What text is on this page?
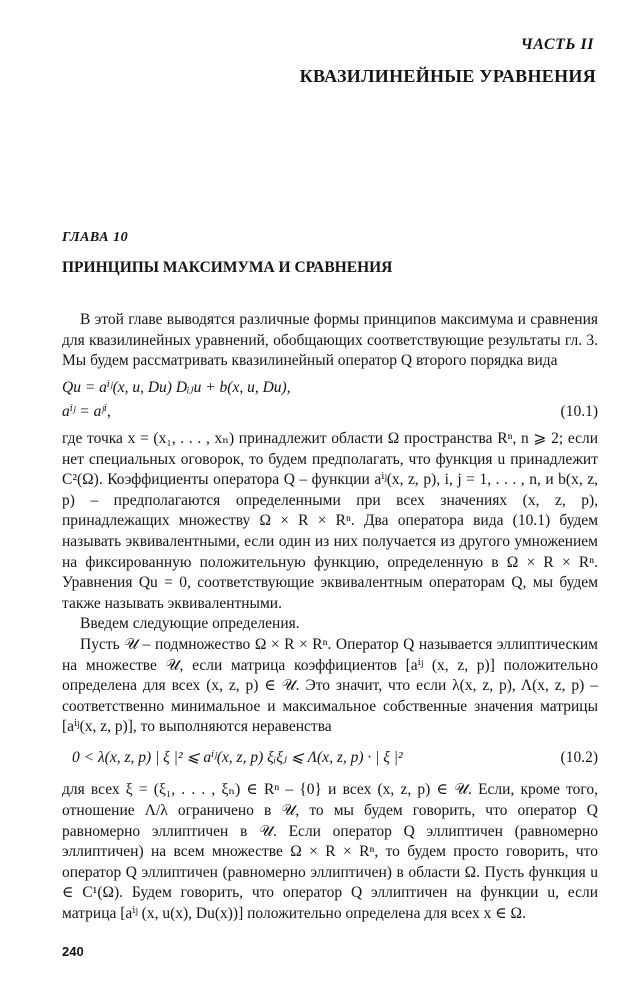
ЧАСТЬ II
КВАЗИЛИНЕЙНЫЕ УРАВНЕНИЯ
ГЛАВА 10
ПРИНЦИПЫ МАКСИМУМА И СРАВНЕНИЯ

В этой главе выводятся различные формы принципов максимума и сравнения для квазилинейных уравнений, обобщающих соответствующие результаты гл. 3. Мы будем рассматривать квазилинейный оператор Q второго порядка вида

Qu = aⁱʲ(x, u, Du) Dᵢⱼu + b(x, u, Du),
aⁱʲ = aʲⁱ,	(10.1)

где точка x = (x₁, . . . , xₙ) принадлежит области Ω пространства Rⁿ, n ⩾ 2; если нет специальных оговорок, то будем предполагать, что функция u принадлежит C²(Ω). Коэффициенты оператора Q – функции aⁱʲ(x, z, p), i, j = 1, . . . , n, и b(x, z, p) – предполагаются определенными при всех значениях (x, z, p), принадлежащих множеству Ω × R × Rⁿ. Два оператора вида (10.1) будем называть эквивалентными, если один из них получается из другого умножением на фиксированную положительную функцию, определенную в Ω × R × Rⁿ. Уравнения Qu = 0, соответствующие эквивалентным операторам Q, мы будем также называть эквивалентными.

Введем следующие определения.

Пусть 𝒰 – подмножество Ω × R × Rⁿ. Оператор Q называется эллиптическим на множестве 𝒰, если матрица коэффициентов [aⁱʲ (x, z, p)] положительно определена для всех (x, z, p) ∈ 𝒰. Это значит, что если λ(x, z, p), Λ(x, z, p) – соответственно минимальное и максимальное собственные значения матрицы [aⁱʲ(x, z, p)], то выполняются неравенства

0 < λ(x, z, p) | ξ |² ⩽ aⁱʲ(x, z, p) ξᵢξⱼ ⩽ Λ(x, z, p) · | ξ |²	(10.2)

для всех ξ = (ξ₁, . . . , ξₙ) ∈ Rⁿ – {0} и всех (x, z, p) ∈ 𝒰. Если, кроме того, отношение Λ/λ ограничено в 𝒰, то мы будем говорить, что оператор Q равномерно эллиптичен в 𝒰. Если оператор Q эллиптичен (равномерно эллиптичен) на всем множестве Ω × R × Rⁿ, то будем просто говорить, что оператор Q эллиптичен (равномерно эллиптичен) в области Ω. Пусть функция u ∈ C¹(Ω). Будем говорить, что оператор Q эллиптичен на функции u, если матрица [aⁱʲ (x, u(x), Du(x))] положительно определена для всех x ∈ Ω.

240
